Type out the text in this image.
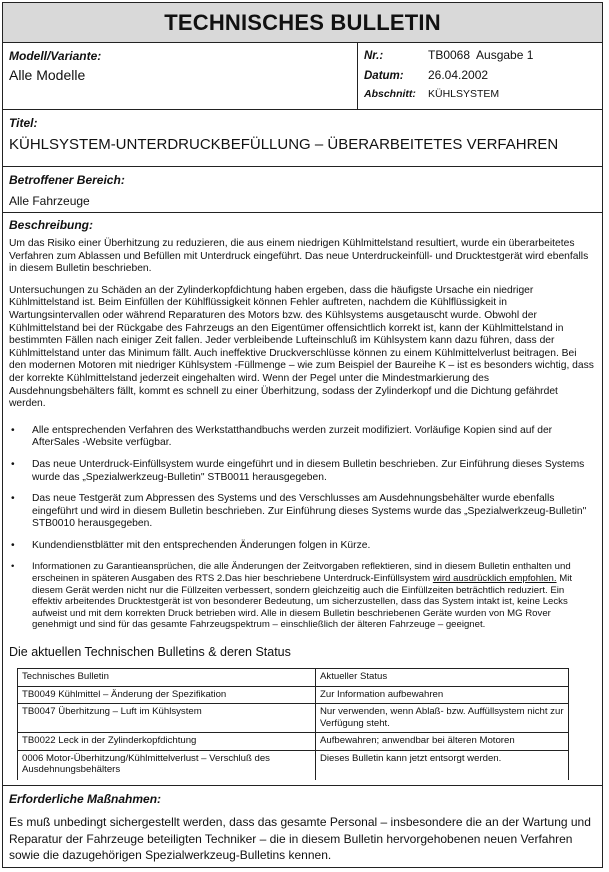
TECHNISCHES BULLETIN
Modell/Variante:
Alle Modelle
Nr.:	TB0068  Ausgabe 1
Datum:	26.04.2002
Abschnitt:	KÜHLSYSTEM
Titel:
KÜHLSYSTEM-UNTERDRUCKBEFÜLLUNG – ÜBERARBEITETES VERFAHREN
Betroffener Bereich:
Alle Fahrzeuge
Beschreibung:

Um das Risiko einer Überhitzung zu reduzieren, die aus einem niedrigen Kühlmittelstand resultiert, wurde ein überarbeitetes Verfahren zum Ablassen und Befüllen mit Unterdruck eingeführt. Das neue Unterdruckeinfüll- und Drucktestgerät wird ebenfalls in diesem Bulletin beschrieben.

Untersuchungen zu Schäden an der Zylinderkopfdichtung haben ergeben, dass die häufigste Ursache ein niedriger Kühlmittelstand ist. Beim Einfüllen der Kühlflüssigkeit können Fehler auftreten, nachdem die Kühlflüssigkeit in Wartungsintervallen oder während Reparaturen des Motors bzw. des Kühlsystems ausgetauscht wurde. Obwohl der Kühlmittelstand bei der Rückgabe des Fahrzeugs an den Eigentümer offensichtlich korrekt ist, kann der Kühlmittelstand in bestimmten Fällen nach einiger Zeit fallen. Jeder verbleibende Lufteinschluß im Kühlsystem kann dazu führen, dass der Kühlmittelstand unter das Minimum fällt. Auch ineffektive Druckverschlüsse können zu einem Kühlmittelverlust beitragen. Bei den modernen Motoren mit niedriger Kühlsystem -Füllmenge – wie zum Beispiel der Baureihe K – ist es besonders wichtig, dass der korrekte Kühlmittelstand jederzeit eingehalten wird. Wenn der Pegel unter die Mindestmarkierung des Ausdehnungsbehälters fällt, kommt es schnell zu einer Überhitzung, sodass der Zylinderkopf und die Dichtung gefährdet werden.

•	Alle entsprechenden Verfahren des Werkstatthandbuchs werden zurzeit modifiziert. Vorläufige Kopien sind auf der AfterSales -Website verfügbar.
•	Das neue Unterdruck-Einfüllsystem wurde eingeführt und in diesem Bulletin beschrieben. Zur Einführung dieses Systems wurde das „Spezialwerkzeug-Bulletin" STB0011 herausgegeben.
•	Das neue Testgerät zum Abpressen des Systems und des Verschlusses am Ausdehnungsbehälter wurde ebenfalls eingeführt und wird in diesem Bulletin beschrieben. Zur Einführung dieses Systems wurde das „Spezialwerkzeug-Bulletin" STB0010 herausgegeben.
•	Kundendienstblätter mit den entsprechenden Änderungen folgen in Kürze.
•	Informationen zu Garantieansprüchen, die alle Änderungen der Zeitvorgaben reflektieren, sind in diesem Bulletin enthalten und erscheinen in späteren Ausgaben des RTS 2.Das hier beschriebene Unterdruck-Einfüllsystem wird ausdrücklich empfohlen. Mit diesem Gerät werden nicht nur die Füllzeiten verbessert, sondern gleichzeitig auch die Einfüllzeiten beträchtlich reduziert. Ein effektiv arbeitendes Drucktestgerät ist von besonderer Bedeutung, um sicherzustellen, dass das System intakt ist, keine Lecks aufweist und mit dem korrekten Druck betrieben wird. Alle in diesem Bulletin beschriebenen Geräte wurden von MG Rover genehmigt und sind für das gesamte Fahrzeugspektrum – einschließlich der älteren Fahrzeuge – geeignet.
Die aktuellen Technischen Bulletins & deren Status
Technisches Bulletin	Aktueller Status
TB0049 Kühlmittel – Änderung der Spezifikation	Zur Information aufbewahren
TB0047 Überhitzung – Luft im Kühlsystem	Nur verwenden, wenn Ablaß- bzw. Auffüllsystem nicht zur Verfügung steht.
TB0022 Leck in der Zylinderkopfdichtung	Aufbewahren; anwendbar bei älteren Motoren
0006 Motor-Überhitzung/Kühlmittelverlust – Verschluß des Ausdehnungsbehälters	Dieses Bulletin kann jetzt entsorgt werden.
Erforderliche Maßnahmen:
Es muß unbedingt sichergestellt werden, dass das gesamte Personal – insbesondere die an der Wartung und Reparatur der Fahrzeuge beteiligten Techniker – die in diesem Bulletin hervorgehobenen neuen Verfahren sowie die dazugehörigen Spezialwerkzeug-Bulletins kennen.
